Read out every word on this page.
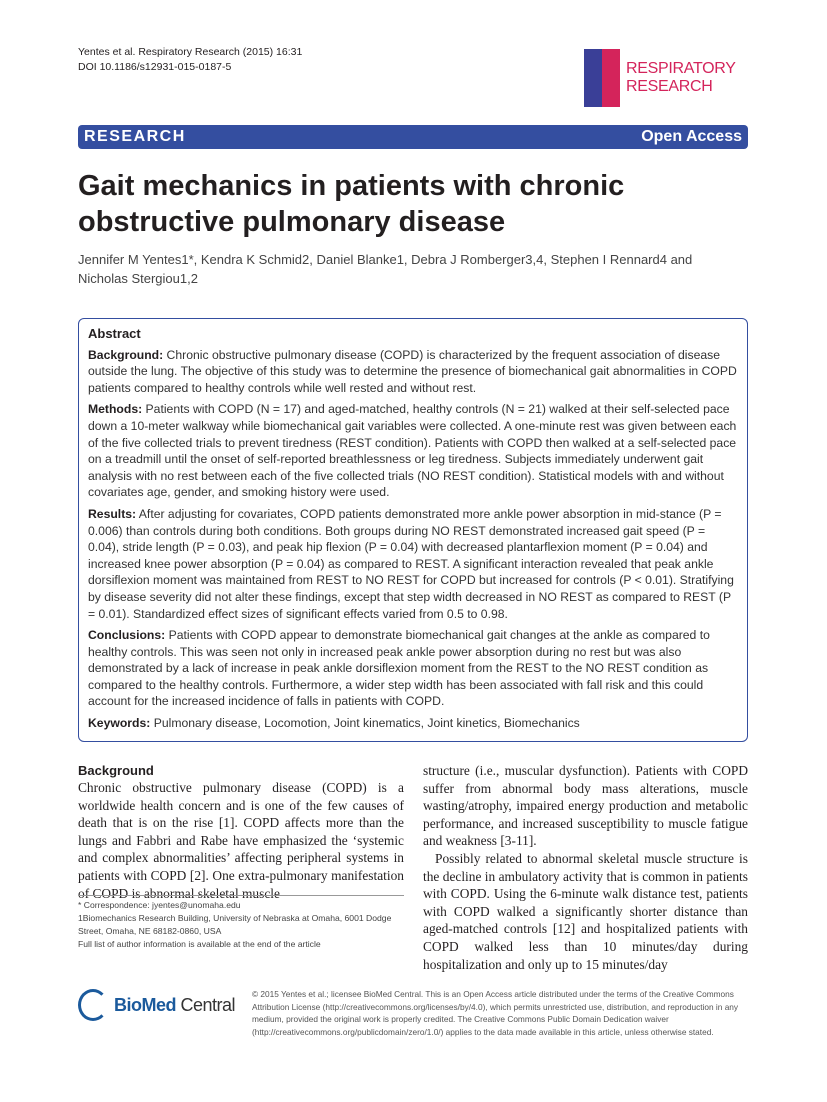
Yentes et al. Respiratory Research (2015) 16:31
DOI 10.1186/s12931-015-0187-5	RESPIRATORY
RESEARCH
RESEARCH	Open Access
Gait mechanics in patients with chronic obstructive pulmonary disease
Jennifer M Yentes1*, Kendra K Schmid2, Daniel Blanke1, Debra J Romberger3,4, Stephen I Rennard4 and Nicholas Stergiou1,2
Abstract

Background: Chronic obstructive pulmonary disease (COPD) is characterized by the frequent association of disease outside the lung. The objective of this study was to determine the presence of biomechanical gait abnormalities in COPD patients compared to healthy controls while well rested and without rest.

Methods: Patients with COPD (N = 17) and aged-matched, healthy controls (N = 21) walked at their self-selected pace down a 10-meter walkway while biomechanical gait variables were collected. A one-minute rest was given between each of the five collected trials to prevent tiredness (REST condition). Patients with COPD then walked at a self-selected pace on a treadmill until the onset of self-reported breathlessness or leg tiredness. Subjects immediately underwent gait analysis with no rest between each of the five collected trials (NO REST condition). Statistical models with and without covariates age, gender, and smoking history were used.

Results: After adjusting for covariates, COPD patients demonstrated more ankle power absorption in mid-stance (P = 0.006) than controls during both conditions. Both groups during NO REST demonstrated increased gait speed (P = 0.04), stride length (P = 0.03), and peak hip flexion (P = 0.04) with decreased plantarflexion moment (P = 0.04) and increased knee power absorption (P = 0.04) as compared to REST. A significant interaction revealed that peak ankle dorsiflexion moment was maintained from REST to NO REST for COPD but increased for controls (P < 0.01). Stratifying by disease severity did not alter these findings, except that step width decreased in NO REST as compared to REST (P = 0.01). Standardized effect sizes of significant effects varied from 0.5 to 0.98.

Conclusions: Patients with COPD appear to demonstrate biomechanical gait changes at the ankle as compared to healthy controls. This was seen not only in increased peak ankle power absorption during no rest but was also demonstrated by a lack of increase in peak ankle dorsiflexion moment from the REST to the NO REST condition as compared to the healthy controls. Furthermore, a wider step width has been associated with fall risk and this could account for the increased incidence of falls in patients with COPD.

Keywords: Pulmonary disease, Locomotion, Joint kinematics, Joint kinetics, Biomechanics

Background

Chronic obstructive pulmonary disease (COPD) is a worldwide health concern and is one of the few causes of death that is on the rise [1]. COPD affects more than the lungs and Fabbri and Rabe have emphasized the ‘systemic and complex abnormalities’ affecting peripheral systems in patients with COPD [2]. One extra-pulmonary manifestation of COPD is abnormal skeletal muscle

structure (i.e., muscular dysfunction). Patients with COPD suffer from abnormal body mass alterations, muscle wasting/atrophy, impaired energy production and metabolic performance, and increased susceptibility to muscle fatigue and weakness [3-11].

Possibly related to abnormal skeletal muscle structure is the decline in ambulatory activity that is common in patients with COPD. Using the 6-minute walk distance test, patients with COPD walked a significantly shorter distance than aged-matched controls [12] and hospitalized patients with COPD walked less than 10 minutes/day during hospitalization and only up to 15 minutes/day

* Correspondence: jyentes@unomaha.edu
1Biomechanics Research Building, University of Nebraska at Omaha, 6001 Dodge Street, Omaha, NE 68182-0860, USA
Full list of author information is available at the end of the article
BioMed Central
© 2015 Yentes et al.; licensee BioMed Central. This is an Open Access article distributed under the terms of the Creative Commons Attribution License (http://creativecommons.org/licenses/by/4.0), which permits unrestricted use, distribution, and reproduction in any medium, provided the original work is properly credited. The Creative Commons Public Domain Dedication waiver (http://creativecommons.org/publicdomain/zero/1.0/) applies to the data made available in this article, unless otherwise stated.
